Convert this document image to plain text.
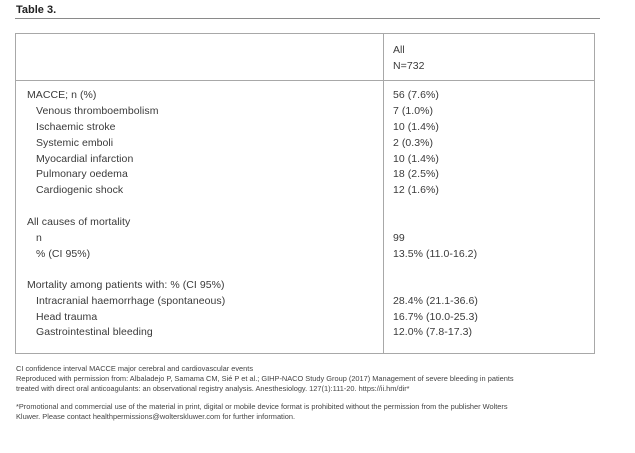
Table 3.
All
N=732
MACCE; n (%)	56 (7.6%)
Venous thromboembolism	7 (1.0%)
Ischaemic stroke	10 (1.4%)
Systemic emboli	2 (0.3%)
Myocardial infarction	10 (1.4%)
Pulmonary oedema	18 (2.5%)
Cardiogenic shock	12 (1.6%)
All causes of mortality
n	99
% (CI 95%)	13.5% (11.0-16.2)
Mortality among patients with: % (CI 95%)
Intracranial haemorrhage (spontaneous)	28.4% (21.1-36.6)
Head trauma	16.7% (10.0-25.3)
Gastrointestinal bleeding	12.0% (7.8-17.3)

CI confidence interval MACCE major cerebral and cardiovascular events

Reproduced with permission from: Albaladejo P, Samama CM, Sié P et al.; GIHP-NACO Study Group (2017) Management of severe bleeding in patients

treated with direct oral anticoagulants: an observational registry analysis. Anesthesiology. 127(1):111-20. https://ii.hm/dir*

*Promotional and commercial use of the material in print, digital or mobile device format is prohibited without the permission from the publisher Wolters

Kluwer. Please contact healthpermissions@wolterskluwer.com for further information.
